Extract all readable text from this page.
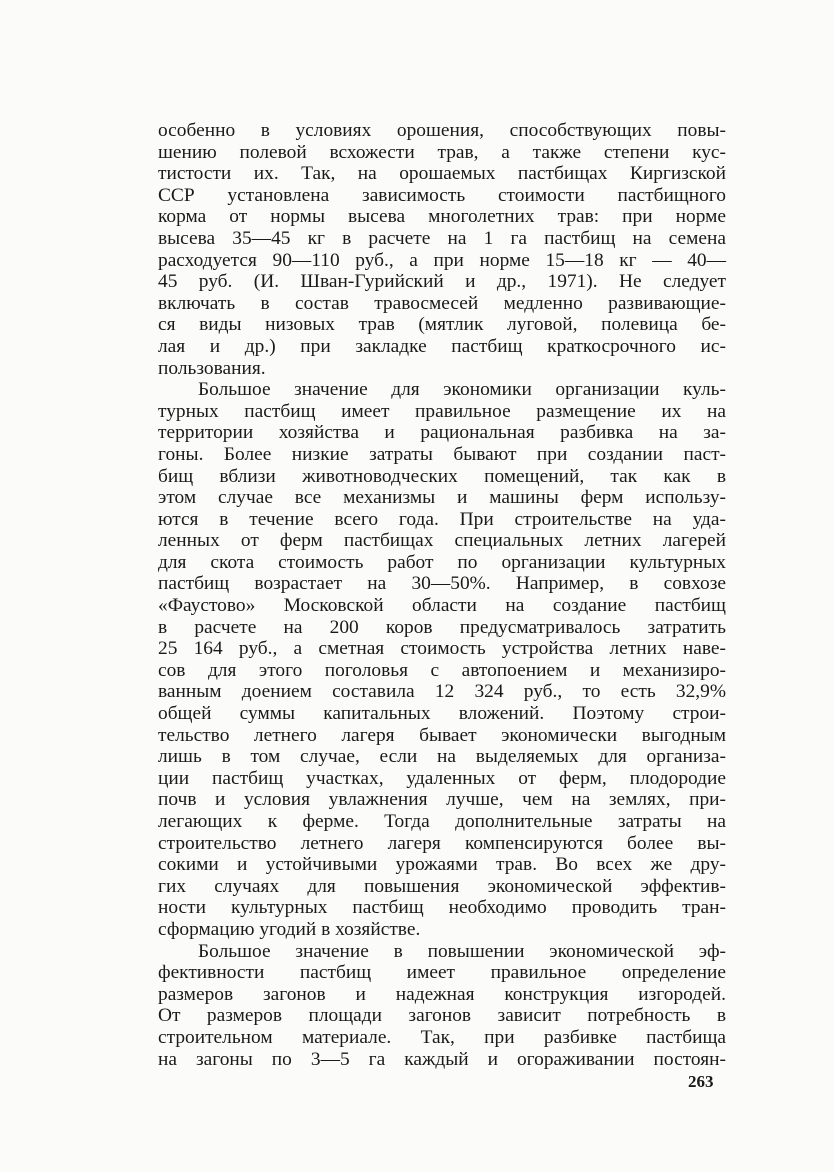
особенно в условиях орошения, способствующих повы-
шению полевой всхожести трав, а также степени кус-
тистости их. Так, на орошаемых пастбищах Киргизской
ССР установлена зависимость стоимости пастбищного
корма от нормы высева многолетних трав: при норме
высева 35—45 кг в расчете на 1 га пастбищ на семена
расходуется 90—110 руб., а при норме 15—18 кг — 40—
45 руб. (И. Шван-Гурийский и др., 1971). Не следует
включать в состав травосмесей медленно развивающие-
ся виды низовых трав (мятлик луговой, полевица бе-
лая и др.) при закладке пастбищ краткосрочного ис-
пользования.
Большое значение для экономики организации куль-
турных пастбищ имеет правильное размещение их на
территории хозяйства и рациональная разбивка на за-
гоны. Более низкие затраты бывают при создании паст-
бищ вблизи животноводческих помещений, так как в
этом случае все механизмы и машины ферм использу-
ются в течение всего года. При строительстве на уда-
ленных от ферм пастбищах специальных летних лагерей
для скота стоимость работ по организации культурных
пастбищ возрастает на 30—50%. Например, в совхозе
«Фаустово» Московской области на создание пастбищ
в расчете на 200 коров предусматривалось затратить
25 164 руб., а сметная стоимость устройства летних наве-
сов для этого поголовья с автопоением и механизиро-
ванным доением составила 12 324 руб., то есть 32,9%
общей суммы капитальных вложений. Поэтому строи-
тельство летнего лагеря бывает экономически выгодным
лишь в том случае, если на выделяемых для организа-
ции пастбищ участках, удаленных от ферм, плодородие
почв и условия увлажнения лучше, чем на землях, при-
легающих к ферме. Тогда дополнительные затраты на
строительство летнего лагеря компенсируются более вы-
сокими и устойчивыми урожаями трав. Во всех же дру-
гих случаях для повышения экономической эффектив-
ности культурных пастбищ необходимо проводить тран-
сформацию угодий в хозяйстве.
Большое значение в повышении экономической эф-
фективности пастбищ имеет правильное определение
размеров загонов и надежная конструкция изгородей.
От размеров площади загонов зависит потребность в
строительном материале. Так, при разбивке пастбища
на загоны по 3—5 га каждый и огораживании постоян-
263
